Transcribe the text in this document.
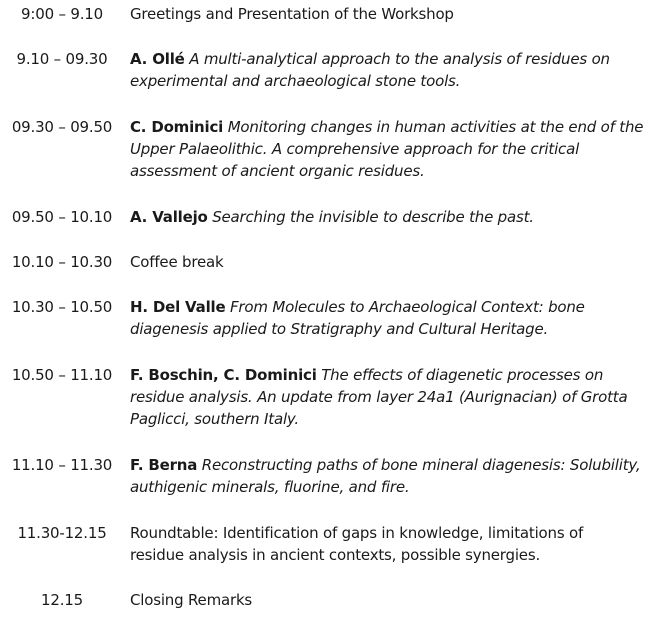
9:00 – 9.10	Greetings and Presentation of the Workshop
9.10 – 09.30	A. Ollé A multi-analytical approach to the analysis of residues on
experimental and archaeological stone tools.
09.30 – 09.50	C. Dominici Monitoring changes in human activities at the end of the
Upper Palaeolithic. A comprehensive approach for the critical
assessment of ancient organic residues.
09.50 – 10.10	A. Vallejo Searching the invisible to describe the past.
10.10 – 10.30	Coffee break
10.30 – 10.50	H. Del Valle From Molecules to Archaeological Context: bone
diagenesis applied to Stratigraphy and Cultural Heritage.
10.50 – 11.10	F. Boschin, C. Dominici The effects of diagenetic processes on
residue analysis. An update from layer 24a1 (Aurignacian) of Grotta
Paglicci, southern Italy.
11.10 – 11.30	F. Berna Reconstructing paths of bone mineral diagenesis: Solubility,
authigenic minerals, fluorine, and fire.
11.30-12.15	Roundtable: Identification of gaps in knowledge, limitations of
residue analysis in ancient contexts, possible synergies.
12.15	Closing Remarks
